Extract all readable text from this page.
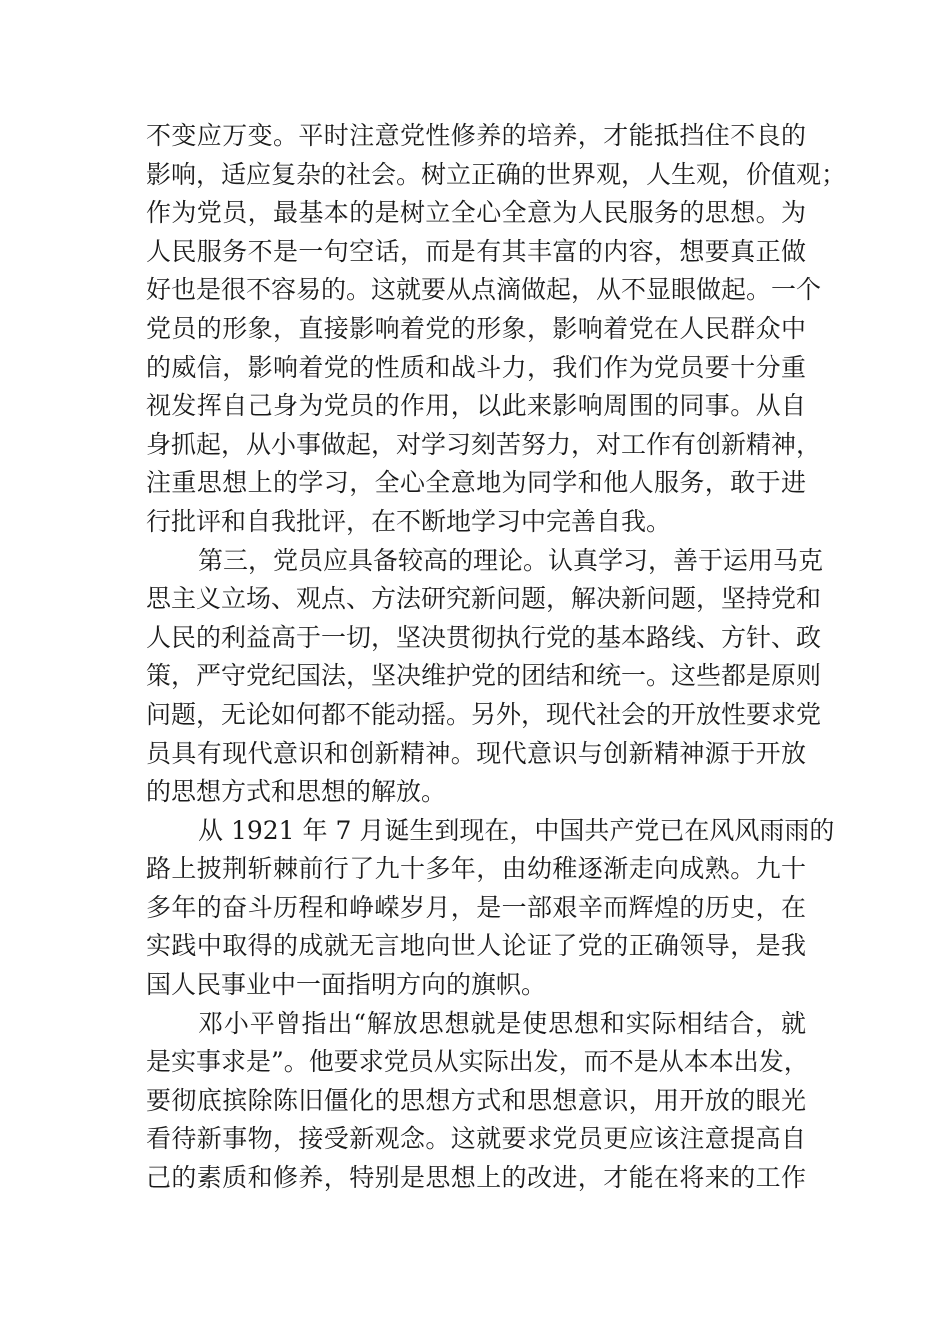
不变应万变。平时注意党性修养的培养，才能抵挡住不良的
影响，适应复杂的社会。树立正确的世界观，人生观，价值观；
作为党员，最基本的是树立全心全意为人民服务的思想。为
人民服务不是一句空话，而是有其丰富的内容，想要真正做
好也是很不容易的。这就要从点滴做起，从不显眼做起。一个
党员的形象，直接影响着党的形象，影响着党在人民群众中
的威信，影响着党的性质和战斗力，我们作为党员要十分重
视发挥自己身为党员的作用，以此来影响周围的同事。从自
身抓起，从小事做起，对学习刻苦努力，对工作有创新精神，
注重思想上的学习，全心全意地为同学和他人服务，敢于进
行批评和自我批评，在不断地学习中完善自我。
第三，党员应具备较高的理论。认真学习，善于运用马克
思主义立场、观点、方法研究新问题，解决新问题，坚持党和
人民的利益高于一切，坚决贯彻执行党的基本路线、方针、政
策，严守党纪国法，坚决维护党的团结和统一。这些都是原则
问题，无论如何都不能动摇。另外，现代社会的开放性要求党
员具有现代意识和创新精神。现代意识与创新精神源于开放
的思想方式和思想的解放。
从 1921 年 7 月诞生到现在，中国共产党已在风风雨雨的
路上披荆斩棘前行了九十多年，由幼稚逐渐走向成熟。九十
多年的奋斗历程和峥嵘岁月，是一部艰辛而辉煌的历史，在
实践中取得的成就无言地向世人论证了党的正确领导，是我
国人民事业中一面指明方向的旗帜。
邓小平曾指出“解放思想就是使思想和实际相结合，就
是实事求是”。他要求党员从实际出发，而不是从本本出发，
要彻底摈除陈旧僵化的思想方式和思想意识，用开放的眼光
看待新事物，接受新观念。这就要求党员更应该注意提高自
己的素质和修养，特别是思想上的改进，才能在将来的工作
